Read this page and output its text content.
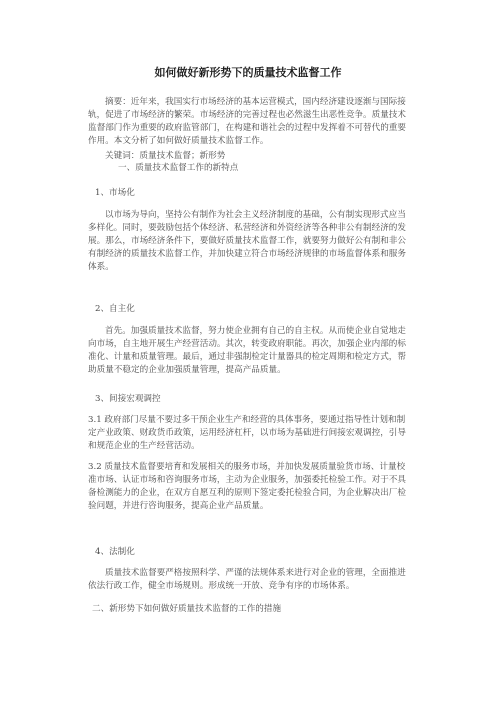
如何做好新形势下的质量技术监督工作
摘要：近年来，我国实行市场经济的基本运营模式，国内经济建设逐渐与国际接轨，促进了市场经济的繁荣。市场经济的完善过程也必然滋生出恶性竞争。质量技术监督部门作为重要的政府监管部门，在构建和谐社会的过程中发挥着不可替代的重要作用。本文分析了如何做好质量技术监督工作。
关键词：质量技术监督；新形势
一、质量技术监督工作的新特点
1、市场化
以市场为导向，坚持公有制作为社会主义经济制度的基础，公有制实现形式应当多样化。同时，要鼓励包括个体经济、私营经济和外资经济等各种非公有制经济的发展。那么，市场经济条件下，要做好质量技术监督工作，就要努力做好公有制和非公有制经济的质量技术监督工作，并加快建立符合市场经济规律的市场监督体系和服务体系。
2、自主化
首先。加强质量技术监督，努力使企业拥有自己的自主权。从而使企业自觉地走向市场，自主地开展生产经营活动。其次，转变政府职能。再次，加强企业内部的标准化、计量和质量管理。最后，通过非强制检定计量器具的检定周期和检定方式，帮助质量不稳定的企业加强质量管理，提高产品质量。
3、间接宏观调控
3.1 政府部门尽量不要过多干预企业生产和经营的具体事务，要通过指导性计划和制定产业政策、财政货币政策，运用经济杠杆，以市场为基础进行间接宏观调控，引导和规范企业的生产经营活动。
3.2 质量技术监督要培育和发展相关的服务市场，并加快发展质量验货市场、计量校准市场、认证市场和咨询服务市场，主动为企业服务，加强委托检验工作。对于不具备检测能力的企业，在双方自愿互利的原则下签定委托检验合同，为企业解决出厂检验问题，并进行咨询服务，提高企业产品质量。
4、法制化
质量技术监督要严格按照科学、严谨的法规体系来进行对企业的管理，全面推进依法行政工作，健全市场规则。形成统一开放、竞争有序的市场体系。
二、新形势下如何做好质量技术监督的工作的措施
